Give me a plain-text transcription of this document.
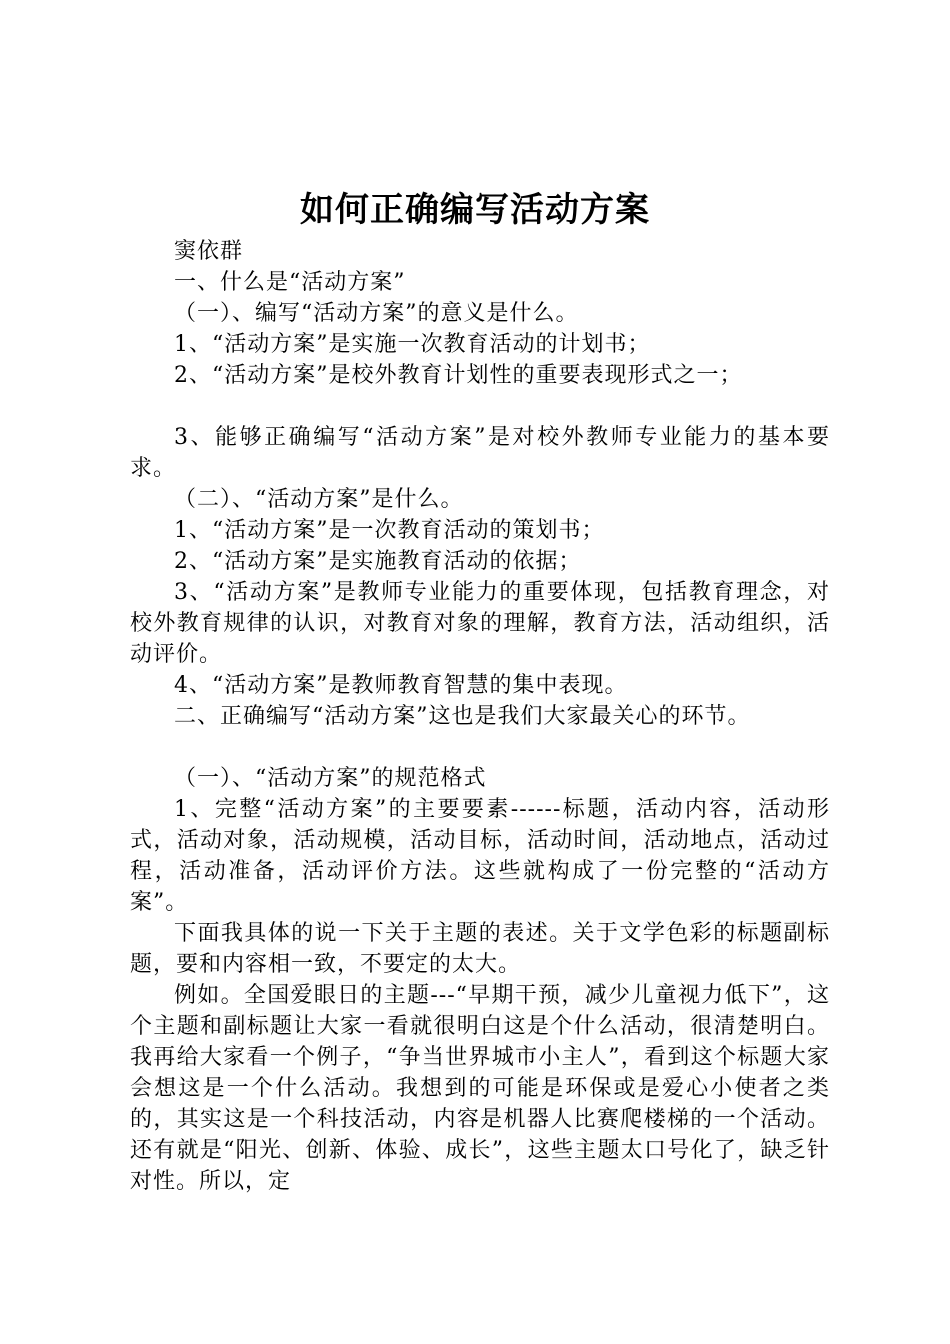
如何正确编写活动方案

窦依群

一、什么是“活动方案”

（一）、编写“活动方案”的意义是什么。

1、“活动方案”是实施一次教育活动的计划书；

2、“活动方案”是校外教育计划性的重要表现形式之一；

3、能够正确编写“活动方案”是对校外教师专业能力的基本要求。

（二）、“活动方案”是什么。

1、“活动方案”是一次教育活动的策划书；

2、“活动方案”是实施教育活动的依据；

3、“活动方案”是教师专业能力的重要体现，包括教育理念，对校外教育规律的认识，对教育对象的理解，教育方法，活动组织，活动评价。

4、“活动方案”是教师教育智慧的集中表现。

二、正确编写“活动方案”这也是我们大家最关心的环节。

（一）、“活动方案”的规范格式

1、完整“活动方案”的主要要素------标题，活动内容，活动形式，活动对象，活动规模，活动目标，活动时间，活动地点，活动过程，活动准备，活动评价方法。这些就构成了一份完整的“活动方案”。

下面我具体的说一下关于主题的表述。关于文学色彩的标题副标题，要和内容相一致，不要定的太大。

例如。全国爱眼日的主题---“早期干预，减少儿童视力低下”，这个主题和副标题让大家一看就很明白这是个什么活动，很清楚明白。我再给大家看一个例子，“争当世界城市小主人”，看到这个标题大家会想这是一个什么活动。我想到的可能是环保或是爱心小使者之类的，其实这是一个科技活动，内容是机器人比赛爬楼梯的一个活动。还有就是“阳光、创新、体验、成长”，这些主题太口号化了，缺乏针对性。所以，定
